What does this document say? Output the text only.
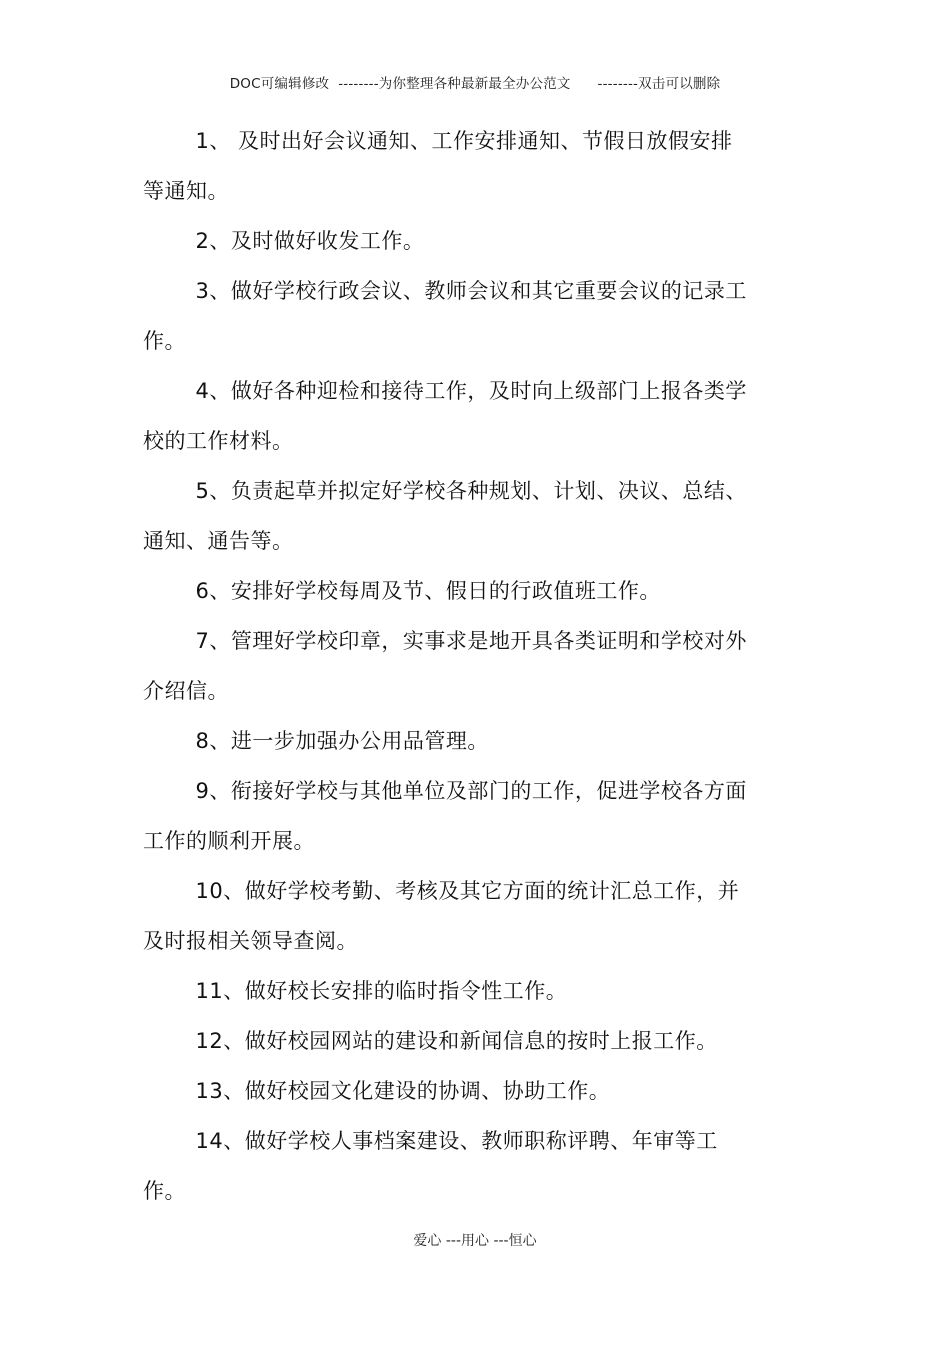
DOC可编辑修改  --------为你整理各种最新最全办公范文      --------双击可以删除

1、 及时出好会议通知、工作安排通知、节假日放假安排等通知。

2、及时做好收发工作。

3、做好学校行政会议、教师会议和其它重要会议的记录工作。

4、做好各种迎检和接待工作，及时向上级部门上报各类学校的工作材料。

5、负责起草并拟定好学校各种规划、计划、决议、总结、通知、通告等。

6、安排好学校每周及节、假日的行政值班工作。

7、管理好学校印章，实事求是地开具各类证明和学校对外介绍信。

8、进一步加强办公用品管理。

9、衔接好学校与其他单位及部门的工作，促进学校各方面工作的顺利开展。

10、做好学校考勤、考核及其它方面的统计汇总工作，并及时报相关领导查阅。

11、做好校长安排的临时指令性工作。

12、做好校园网站的建设和新闻信息的按时上报工作。

13、做好校园文化建设的协调、协助工作。

14、做好学校人事档案建设、教师职称评聘、年审等工作。

爱心 ---用心 ---恒心
